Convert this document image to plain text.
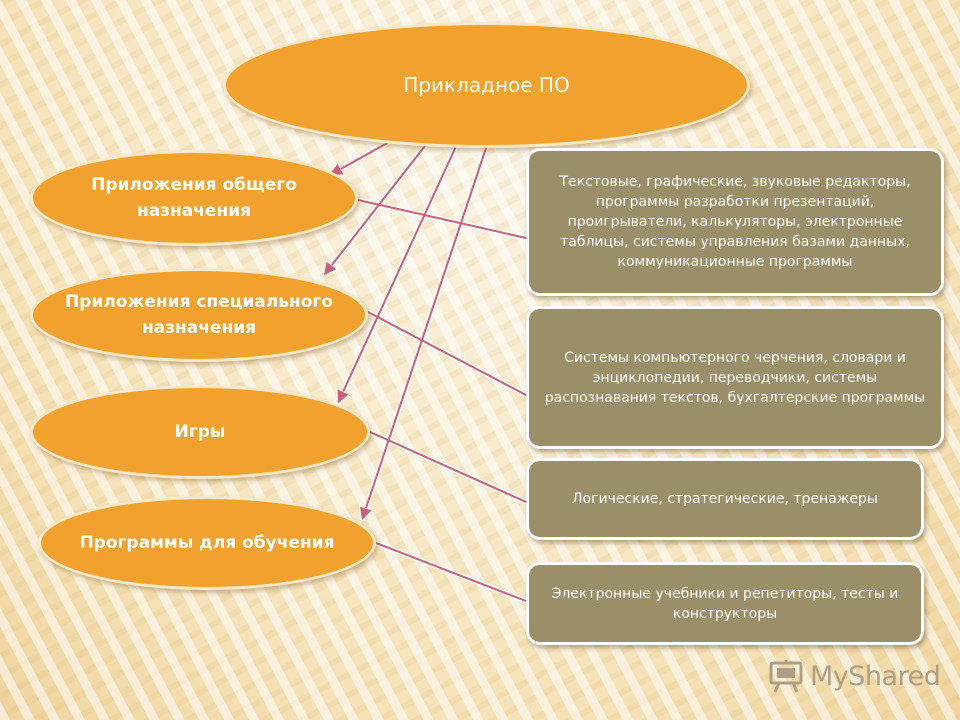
Прикладное ПО
Приложения общего назначения
Приложения специального назначения
Игры
Программы для обучения
Текстовые, графические, звуковые редакторы, программы разработки презентаций, проигрыватели, калькуляторы, электронные таблицы, системы управления базами данных, коммуникационные программы
Системы компьютерного черчения, словари и энциклопедии, переводчики, системы распознавания текстов, бухгалтерские программы
Логические, стратегические, тренажеры
Электронные учебники и репетиторы, тесты и конструкторы
MyShared
